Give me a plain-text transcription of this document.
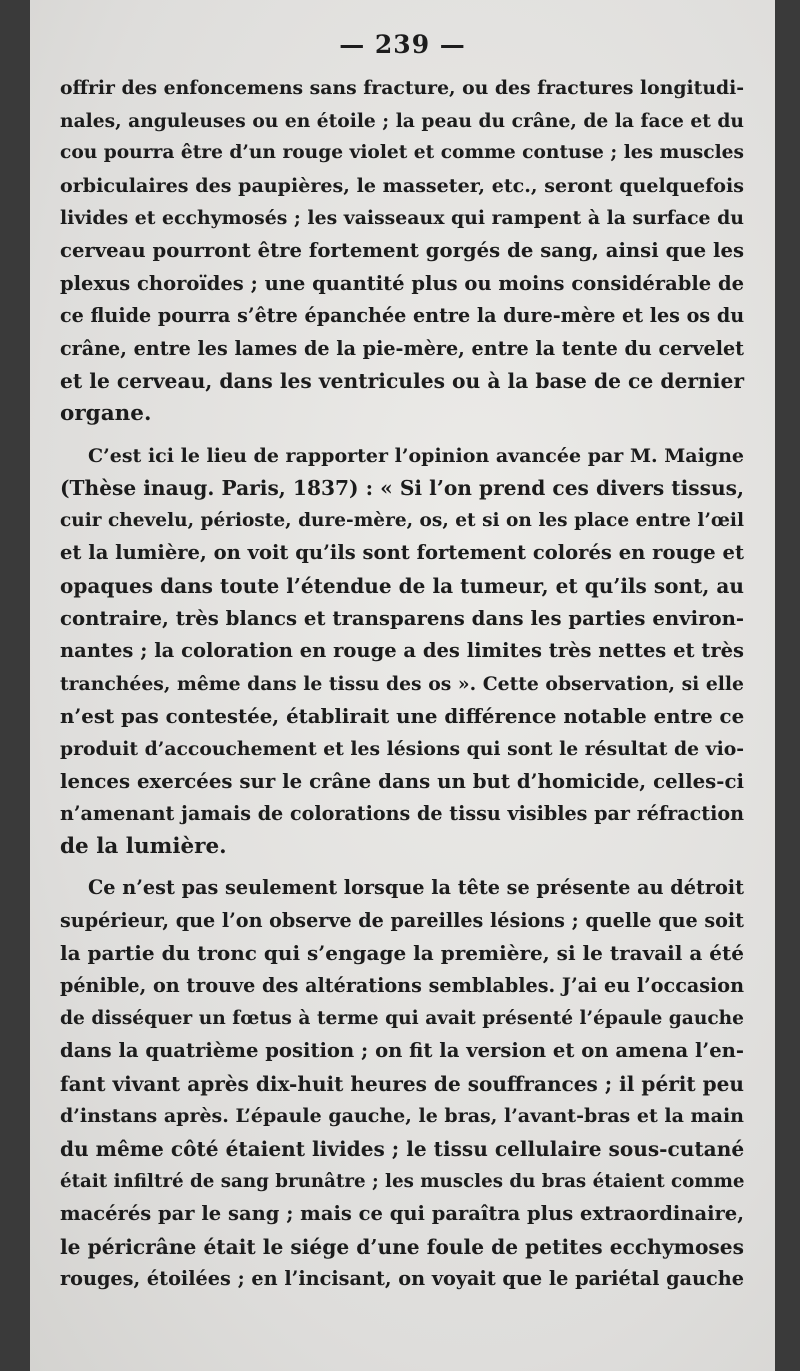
— 239 —
offrir des enfoncemens sans fracture, ou des fractures longitudi-
nales, anguleuses ou en étoile ; la peau du crâne, de la face et du
cou pourra être d’un rouge violet et comme contuse ; les muscles
orbiculaires des paupières, le masseter, etc., seront quelquefois
livides et ecchymosés ; les vaisseaux qui rampent à la surface du
cerveau pourront être fortement gorgés de sang, ainsi que les
plexus choroïdes ; une quantité plus ou moins considérable de
ce fluide pourra s’être épanchée entre la dure-mère et les os du
crâne, entre les lames de la pie-mère, entre la tente du cervelet
et le cerveau, dans les ventricules ou à la base de ce dernier
organe.
C’est ici le lieu de rapporter l’opinion avancée par M. Maigne
(Thèse inaug. Paris, 1837) : « Si l’on prend ces divers tissus,
cuir chevelu, périoste, dure-mère, os, et si on les place entre l’œil
et la lumière, on voit qu’ils sont fortement colorés en rouge et
opaques dans toute l’étendue de la tumeur, et qu’ils sont, au
contraire, très blancs et transparens dans les parties environ-
nantes ; la coloration en rouge a des limites très nettes et très
tranchées, même dans le tissu des os ». Cette observation, si elle
n’est pas contestée, établirait une différence notable entre ce
produit d’accouchement et les lésions qui sont le résultat de vio-
lences exercées sur le crâne dans un but d’homicide, celles-ci
n’amenant jamais de colorations de tissu visibles par réfraction
de la lumière.
Ce n’est pas seulement lorsque la tête se présente au détroit
supérieur, que l’on observe de pareilles lésions ; quelle que soit
la partie du tronc qui s’engage la première, si le travail a été
pénible, on trouve des altérations semblables. J’ai eu l’occasion
de disséquer un fœtus à terme qui avait présenté l’épaule gauche
dans la quatrième position ; on fit la version et on amena l’en-
fant vivant après dix-huit heures de souffrances ; il périt peu
d’instans après. L’épaule gauche, le bras, l’avant-bras et la main
du même côté étaient livides ; le tissu cellulaire sous-cutané
était infiltré de sang brunâtre ; les muscles du bras étaient comme
macérés par le sang ; mais ce qui paraîtra plus extraordinaire,
le péricrâne était le siége d’une foule de petites ecchymoses
rouges, étoilées ; en l’incisant, on voyait que le pariétal gauche
